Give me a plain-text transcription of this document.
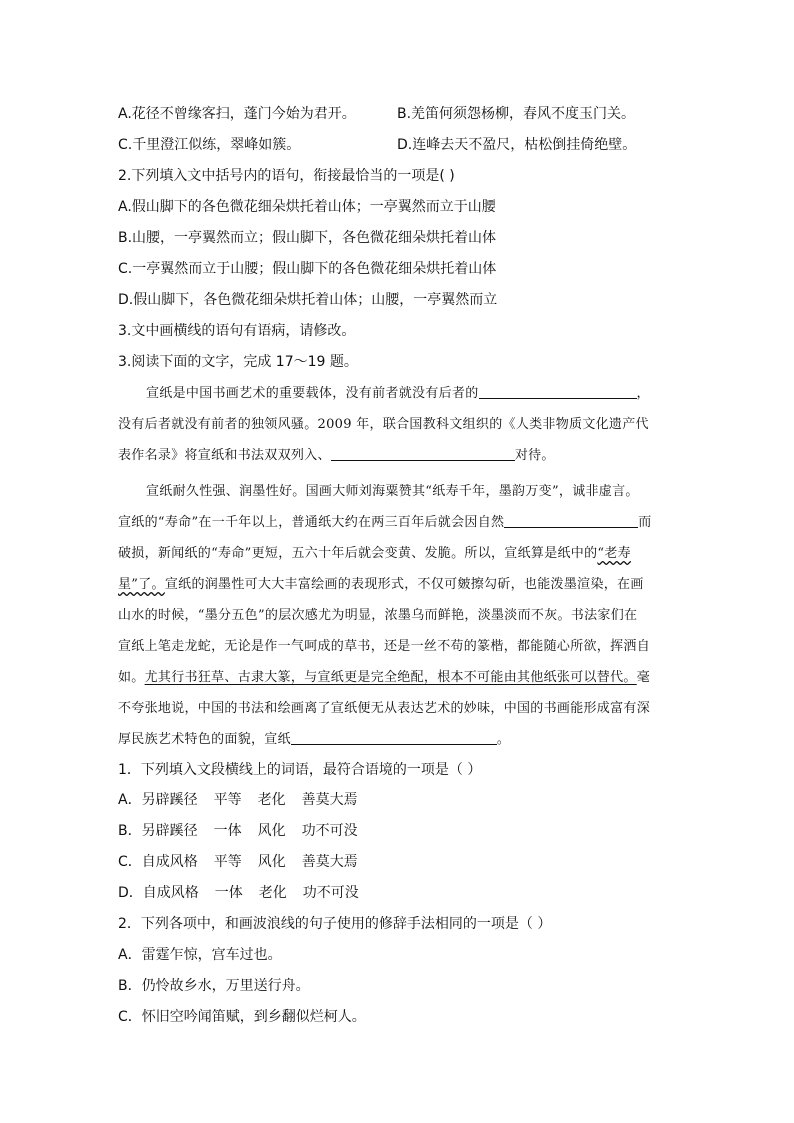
A.花径不曾缘客扫，蓬门今始为君开。	B.羌笛何须怨杨柳，春风不度玉门关。
C.千里澄江似练，翠峰如簇。	D.连峰去天不盈尺，枯松倒挂倚绝壁。
2.下列填入文中括号内的语句，衔接最恰当的一项是( )
A.假山脚下的各色微花细朵烘托着山体；一亭翼然而立于山腰
B.山腰，一亭翼然而立；假山脚下，各色微花细朵烘托着山体
C.一亭翼然而立于山腰；假山脚下的各色微花细朵烘托着山体
D.假山脚下，各色微花细朵烘托着山体；山腰，一亭翼然而立
3.文中画横线的语句有语病，请修改。
3.阅读下面的文字，完成 17～19 题。
宣纸是中国书画艺术的重要载体，没有前者就没有后者的	，
没有后者就没有前者的独领风骚。2009 年，联合国教科文组织的《人类非物质文化遗产代
表作名录》将宣纸和书法双双列入、	对待。
宣纸耐久性强、润墨性好。国画大师刘海粟赞其“纸寿千年，墨韵万变”，诚非虚言。
宣纸的“寿命”在一千年以上，普通纸大约在两三百年后就会因自然	而
破损，新闻纸的“寿命”更短，五六十年后就会变黄、发脆。所以，宣纸算是纸中的“老寿
星”了。宣纸的润墨性可大大丰富绘画的表现形式，不仅可皴擦勾斫，也能泼墨渲染，在画
山水的时候，“墨分五色”的层次感尤为明显，浓墨乌而鲜艳，淡墨淡而不灰。书法家们在
宣纸上笔走龙蛇，无论是作一气呵成的草书，还是一丝不苟的篆楷，都能随心所欲，挥洒自
如。尤其行书狂草、古隶大篆，与宣纸更是完全绝配，根本不可能由其他纸张可以替代。毫
不夸张地说，中国的书法和绘画离了宣纸便无从表达艺术的妙味，中国的书画能形成富有深
厚民族艺术特色的面貌，宣纸	。
1．下列填入文段横线上的词语，最符合语境的一项是（ ）
A．另辟蹊径 平等 老化 善莫大焉
B．另辟蹊径 一体 风化 功不可没
C．自成风格 平等 风化 善莫大焉
D．自成风格 一体 老化 功不可没
2．下列各项中，和画波浪线的句子使用的修辞手法相同的一项是（ ）
A．雷霆乍惊，宫车过也。
B．仍怜故乡水，万里送行舟。
C．怀旧空吟闻笛赋，到乡翻似烂柯人。
